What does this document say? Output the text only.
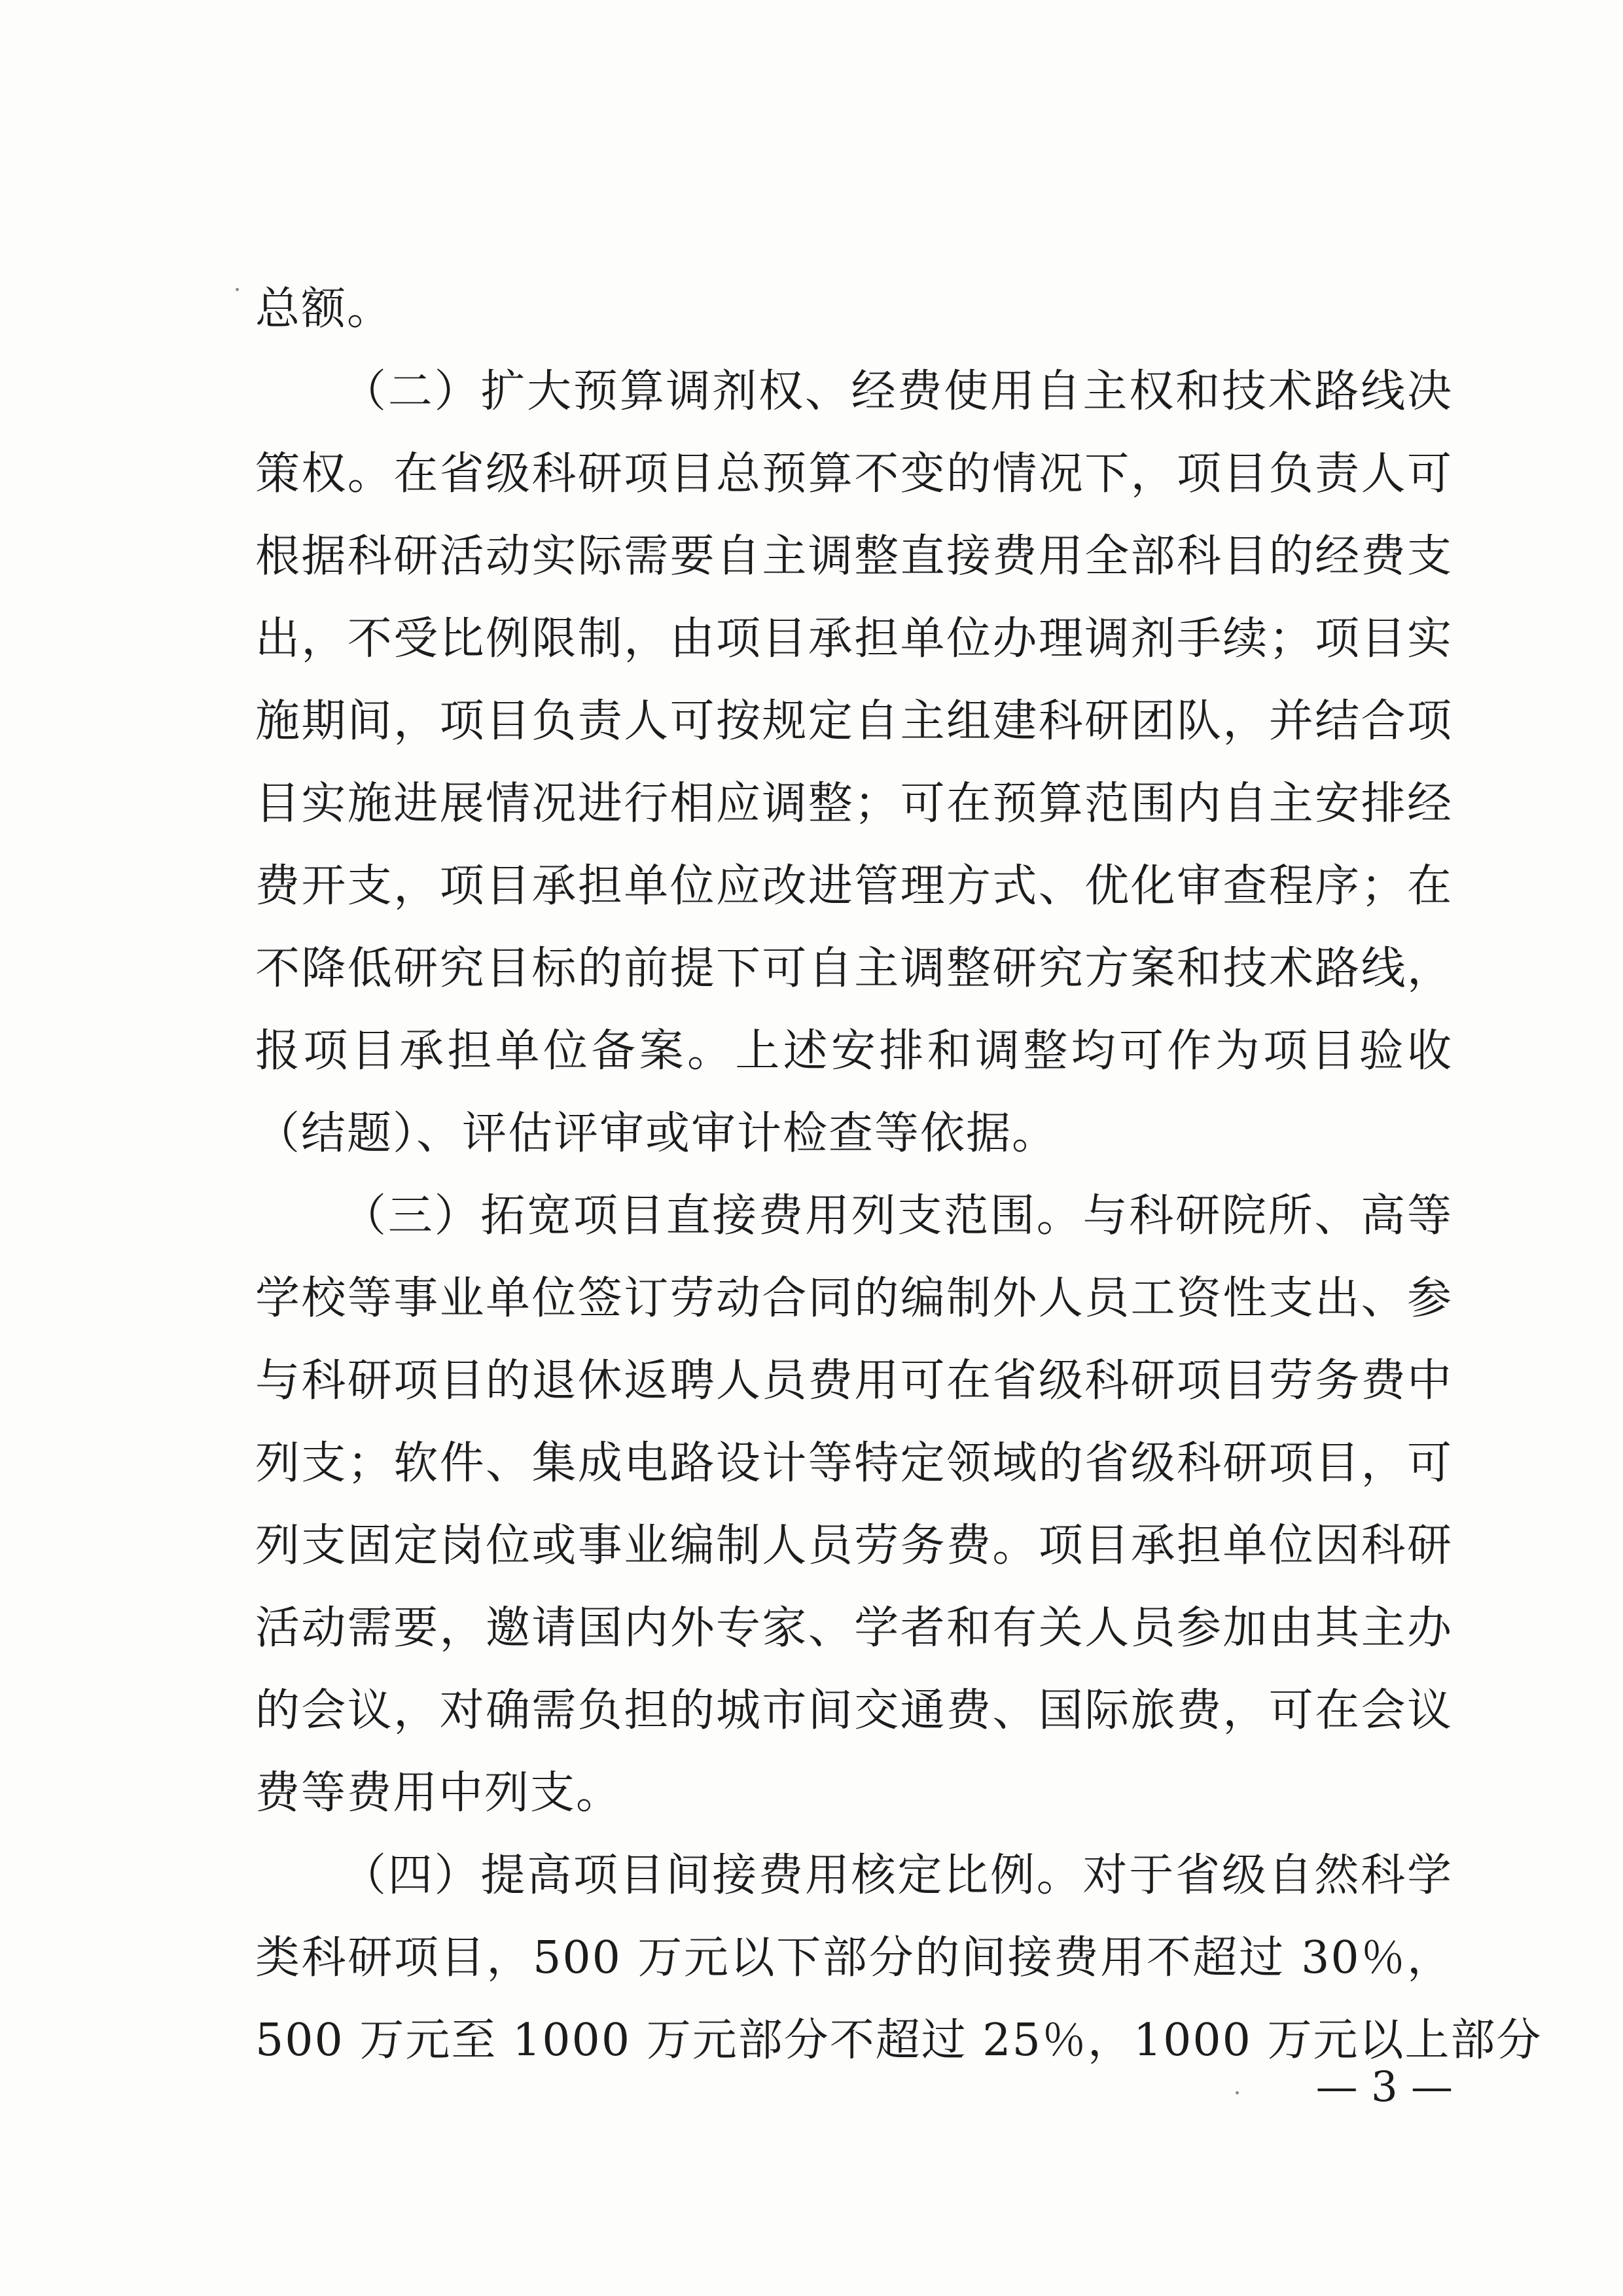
总额。
（二）扩大预算调剂权、经费使用自主权和技术路线决
策权。在省级科研项目总预算不变的情况下，项目负责人可
根据科研活动实际需要自主调整直接费用全部科目的经费支
出，不受比例限制，由项目承担单位办理调剂手续；项目实
施期间，项目负责人可按规定自主组建科研团队，并结合项
目实施进展情况进行相应调整；可在预算范围内自主安排经
费开支，项目承担单位应改进管理方式、优化审查程序；在
不降低研究目标的前提下可自主调整研究方案和技术路线，
报项目承担单位备案。上述安排和调整均可作为项目验收
（结题）、评估评审或审计检查等依据。
（三）拓宽项目直接费用列支范围。与科研院所、高等
学校等事业单位签订劳动合同的编制外人员工资性支出、参
与科研项目的退休返聘人员费用可在省级科研项目劳务费中
列支；软件、集成电路设计等特定领域的省级科研项目，可
列支固定岗位或事业编制人员劳务费。项目承担单位因科研
活动需要，邀请国内外专家、学者和有关人员参加由其主办
的会议，对确需负担的城市间交通费、国际旅费，可在会议
费等费用中列支。
（四）提高项目间接费用核定比例。对于省级自然科学
类科研项目，500 万元以下部分的间接费用不超过 30％，
500 万元至 1000 万元部分不超过 25％，1000 万元以上部分
— 3 —
